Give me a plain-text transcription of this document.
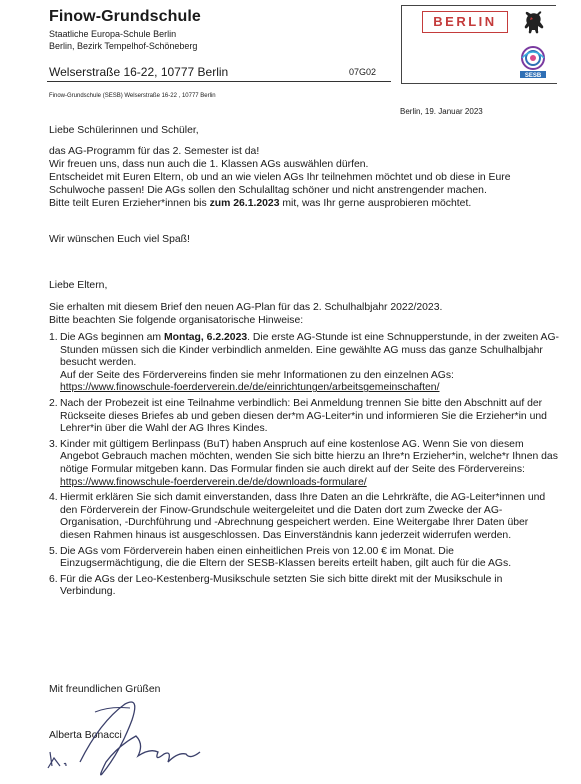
Finow-Grundschule
Staatliche Europa-Schule Berlin
Berlin, Bezirk Tempelhof-Schöneberg
Welserstraße 16-22, 10777 Berlin	07G02
BERLIN
SESB
Finow-Grundschule (SESB) Welserstraße 16-22 , 10777 Berlin
Berlin, 19. Januar 2023
Liebe Schülerinnen und Schüler,
das AG-Programm für das 2. Semester ist da!
Wir freuen uns, dass nun auch die 1. Klassen AGs auswählen dürfen.
Entscheidet mit Euren Eltern, ob und an wie vielen AGs Ihr teilnehmen möchtet und ob diese in Eure
Schulwoche passen! Die AGs sollen den Schulalltag schöner und nicht anstrengender machen.
Bitte teilt Euren Erzieher*innen bis zum 26.1.2023 mit, was Ihr gerne ausprobieren möchtet.
Wir wünschen Euch viel Spaß!
Liebe Eltern,
Sie erhalten mit diesem Brief den neuen AG-Plan für das 2. Schulhalbjahr 2022/2023.
Bitte beachten Sie folgende organisatorische Hinweise:
1. Die AGs beginnen am Montag, 6.2.2023. Die erste AG-Stunde ist eine Schnupperstunde, in der zweiten AG-Stunden müssen sich die Kinder verbindlich anmelden. Eine gewählte AG muss das ganze Schulhalbjahr besucht werden.
Auf der Seite des Fördervereins finden sie mehr Informationen zu den einzelnen AGs:
https://www.finowschule-foerderverein.de/de/einrichtungen/arbeitsgemeinschaften/
2. Nach der Probezeit ist eine Teilnahme verbindlich: Bei Anmeldung trennen Sie bitte den Abschnitt auf der Rückseite dieses Briefes ab und geben diesen der*m AG-Leiter*in und informieren Sie die Erzieher*in und Lehrer*in über die Wahl der AG Ihres Kindes.
3. Kinder mit gültigem Berlinpass (BuT) haben Anspruch auf eine kostenlose AG. Wenn Sie von diesem Angebot Gebrauch machen möchten, wenden Sie sich bitte hierzu an Ihre*n Erzieher*in, welche*r Ihnen das nötige Formular mitgeben kann. Das Formular finden sie auch direkt auf der Seite des Fördervereins:
https://www.finowschule-foerderverein.de/de/downloads-formulare/
4. Hiermit erklären Sie sich damit einverstanden, dass Ihre Daten an die Lehrkräfte, die AG-Leiter*innen und den Förderverein der Finow-Grundschule weitergeleitet und die Daten dort zum Zwecke der AG-Organisation, -Durchführung und -Abrechnung gespeichert werden. Eine Weitergabe Ihrer Daten über diesen Rahmen hinaus ist ausgeschlossen. Das Einverständnis kann jederzeit widerrufen werden.
5. Die AGs vom Förderverein haben einen einheitlichen Preis von 12.00 € im Monat. Die Einzugsermächtigung, die die Eltern der SESB-Klassen bereits erteilt haben, gilt auch für die AGs.
6. Für die AGs der Leo-Kestenberg-Musikschule setzten Sie sich bitte direkt mit der Musikschule in Verbindung.
Mit freundlichen Grüßen
Alberta Bonacci
